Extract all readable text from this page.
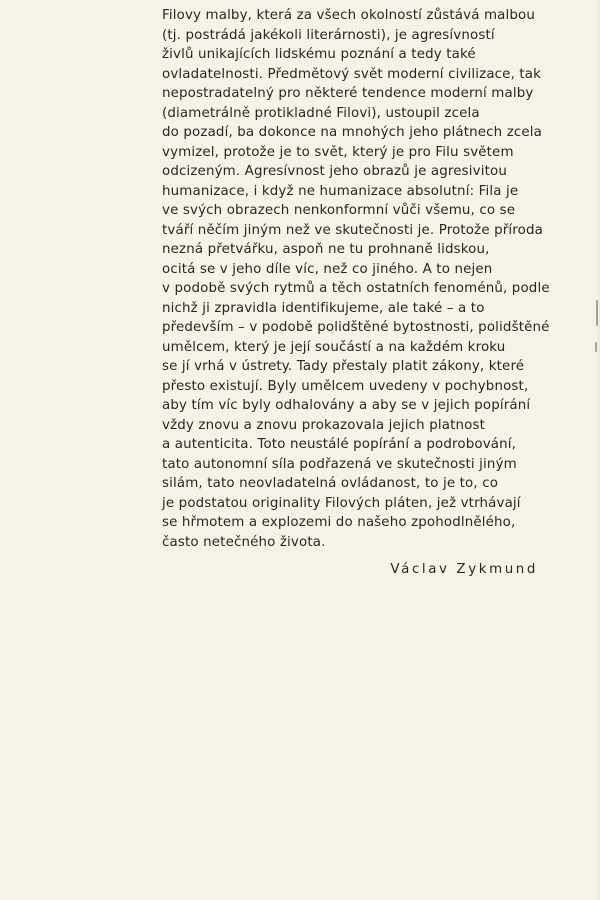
Filovy malby, která za všech okolností zůstává malbou
(tj. postrádá jakékoli literárnosti), je agresívností
živlů unikajících lidskému poznání a tedy také
ovladatelnosti. Předmětový svět moderní civilizace, tak
nepostradatelný pro některé tendence moderní malby
(diametrálně protikladné Filovi), ustoupil zcela
do pozadí, ba dokonce na mnohých jeho plátnech zcela
vymizel, protože je to svět, který je pro Filu světem
odcizeným. Agresívnost jeho obrazů je agresivitou
humanizace, i když ne humanizace absolutní: Fila je
ve svých obrazech nenkonformní vůči všemu, co se
tváří něčím jiným než ve skutečnosti je. Protože příroda
nezná přetvářku, aspoň ne tu prohnaně lidskou,
ocitá se v jeho díle víc, než co jiného. A to nejen
v podobě svých rytmů a těch ostatních fenoménů, podle
nichž ji zpravidla identifikujeme, ale také – a to
především – v podobě polidštěné bytostnosti, polidštěné
umělcem, který je její součástí a na každém kroku
se jí vrhá v ústrety. Tady přestaly platit zákony, které
přesto existují. Byly umělcem uvedeny v pochybnost,
aby tím víc byly odhalovány a aby se v jejich popírání
vždy znovu a znovu prokazovala jejich platnost
a autenticita. Toto neustálé popírání a podrobování,
tato autonomní síla podřazená ve skutečnosti jiným
silám, tato neovladatelná ovládanost, to je to, co
je podstatou originality Filových pláten, jež vtrhávají
se hřmotem a explozemi do našeho zpohodlnělého,
často netečného života.
Václav Zykmund
